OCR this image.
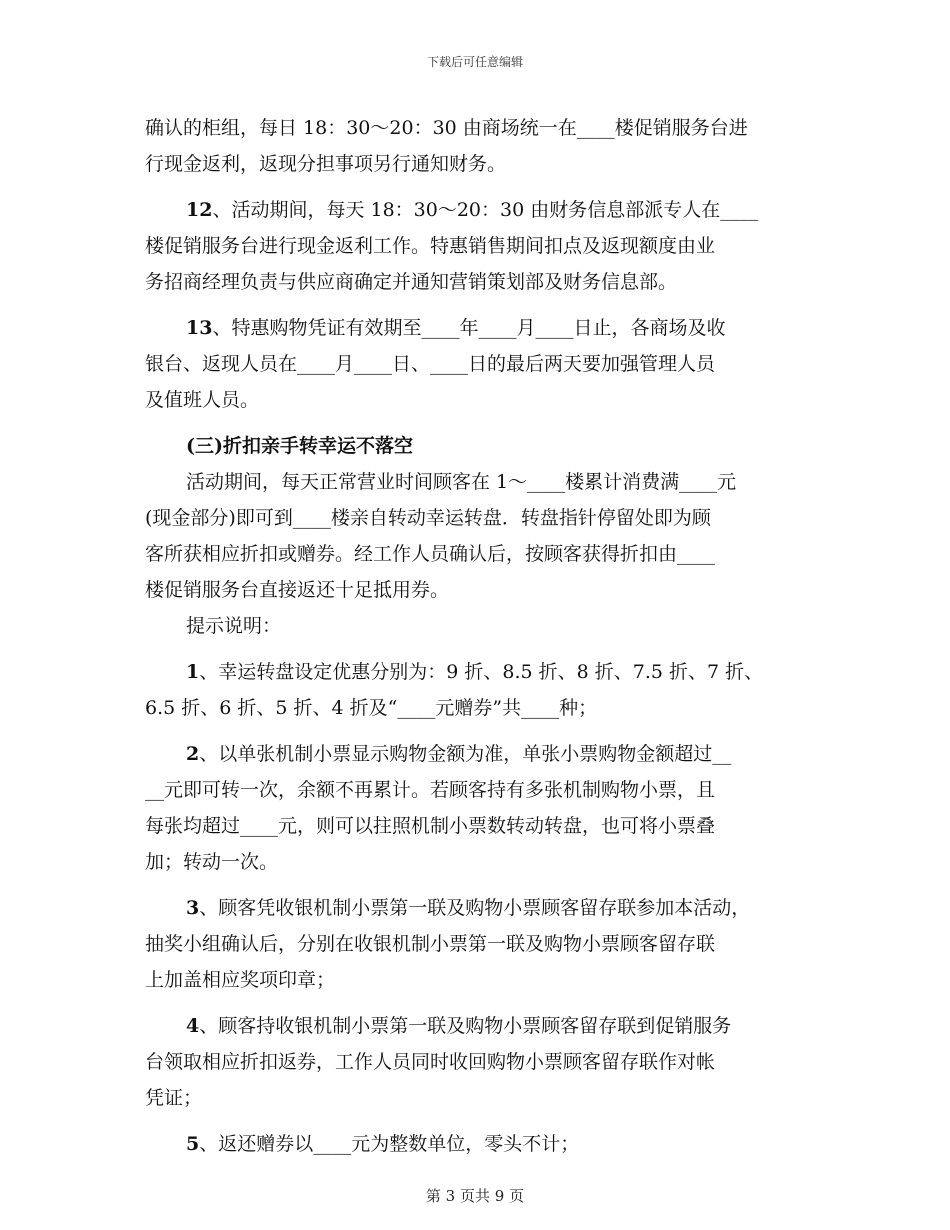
下载后可任意编辑
确认的柜组，每日 18：30～20：30 由商场统一在____楼促销服务台进
行现金返利，返现分担事项另行通知财务。
12、活动期间，每天 18：30～20：30 由财务信息部派专人在____
楼促销服务台进行现金返利工作。特惠销售期间扣点及返现额度由业
务招商经理负责与供应商确定并通知营销策划部及财务信息部。
13、特惠购物凭证有效期至____年____月____日止，各商场及收
银台、返现人员在____月____日、____日的最后两天要加强管理人员
及值班人员。
(三)折扣亲手转幸运不落空
活动期间，每天正常营业时间顾客在 1～____楼累计消费满____元
(现金部分)即可到____楼亲自转动幸运转盘．转盘指针停留处即为顾
客所获相应折扣或赠券。经工作人员确认后，按顾客获得折扣由____
楼促销服务台直接返还十足抵用券。
提示说明：
1、幸运转盘设定优惠分别为：9 折、8.5 折、8 折、7.5 折、7 折、
6.5 折、6 折、5 折、4 折及“____元赠券”共____种；
2、以单张机制小票显示购物金额为准，单张小票购物金额超过__
__元即可转一次，余额不再累计。若顾客持有多张机制购物小票，且
每张均超过____元，则可以拄照机制小票数转动转盘，也可将小票叠
加；转动一次。
3、顾客凭收银机制小票第一联及购物小票顾客留存联参加本活动，
抽奖小组确认后，分别在收银机制小票第一联及购物小票顾客留存联
上加盖相应奖项印章；
4、顾客持收银机制小票第一联及购物小票顾客留存联到促销服务
台领取相应折扣返券，工作人员同时收回购物小票顾客留存联作对帐
凭证；
5、返还赠券以____元为整数单位，零头不计；
第 3 页共 9 页
